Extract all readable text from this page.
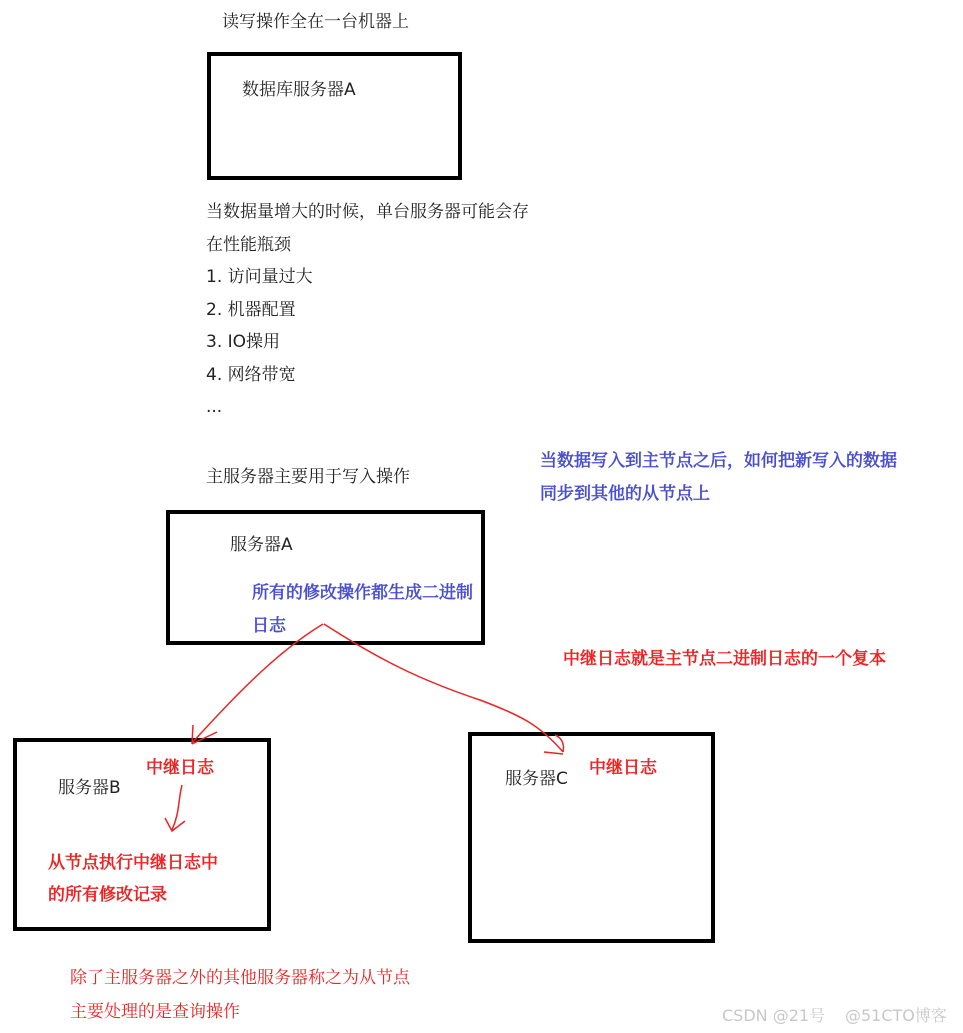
读写操作全在一台机器上
数据库服务器A
当数据量增大的时候，单台服务器可能会存
在性能瓶颈
1. 访问量过大
2. 机器配置
3. IO操用
4. 网络带宽
...
主服务器主要用于写入操作
当数据写入到主节点之后，如何把新写入的数据
同步到其他的从节点上
服务器A
所有的修改操作都生成二进制
日志
中继日志就是主节点二进制日志的一个复本
服务器B
中继日志
从节点执行中继日志中
的所有修改记录
服务器C
中继日志
除了主服务器之外的其他服务器称之为从节点
主要处理的是查询操作	CSDN @21号 @51CTO博客
